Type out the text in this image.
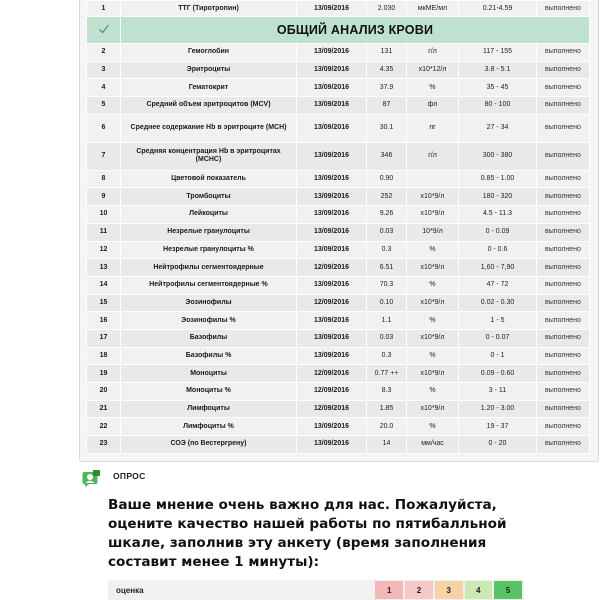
1	ТТГ (Тиротропин)	13/09/2016	2.030	мкМЕ/мл	0.21-4.59	выполнено
	ОБЩИЙ АНАЛИЗ КРОВИ					
2	Гемоглобин	13/09/2016	131	г/л	117 - 155	выполнено
3	Эритроциты	13/09/2016	4.35	x10*12/л	3.8 - 5.1	выполнено
4	Гематокрит	13/09/2016	37.9	%	35 - 45	выполнено
5	Средний объем эритроцитов (MCV)	13/09/2016	87	фл	80 - 100	выполнено
6	Среднее содержание Hb в эритроците (MCH)	13/09/2016	30.1	пг	27 - 34	выполнено
7	Средняя концентрация Hb в эритроцитах (MCHC)	13/09/2016	346	г/л	300 - 380	выполнено
8	Цветовой показатель	13/09/2016	0.90		0.85 - 1.00	выполнено
9	Тромбоциты	13/09/2016	252	x10*9/л	180 - 320	выполнено
10	Лейкоциты	13/09/2016	9.26	x10*9/л	4.5 - 11.3	выполнено
11	Незрелые гранулоциты	13/09/2016	0.03	10*9/л	0 - 0.09	выполнено
12	Незрелые гранулоциты %	13/09/2016	0.3	%	0 - 0.6	выполнено
13	Нейтрофилы сегментоядерные	12/09/2016	6.51	x10*9/л	1,60 - 7,90	выполнено
14	Нейтрофилы сегментоядерные %	13/09/2016	70.3	%	47 - 72	выполнено
15	Эозинофилы	12/09/2016	0.10	x10*9/л	0.02 - 0.30	выполнено
16	Эозинофилы %	13/09/2016	1.1	%	1 - 5	выполнено
17	Базофилы	13/09/2016	0.03	x10*9/л	0 - 0.07	выполнено
18	Базофилы %	13/09/2016	0.3	%	0 - 1	выполнено
19	Моноциты	12/09/2016	0.77 ++	x10*9/л	0.09 - 0.60	выполнено
20	Моноциты %	12/09/2016	8.3	%	3 - 11	выполнено
21	Лимфоциты	12/09/2016	1.85	x10*9/л	1.20 - 3.00	выполнено
22	Лимфоциты %	13/09/2016	20.0	%	19 - 37	выполнено
23	СОЭ (по Вестергрену)	13/09/2016	14	мм/час	0 - 20	выполнено
ОПРОС
Ваше мнение очень важно для нас. Пожалуйста, оцените качество нашей работы по пятибалльной шкале, заполнив эту анкету (время заполнения составит менее 1 минуты):
оценка	1	2	3	4	5
